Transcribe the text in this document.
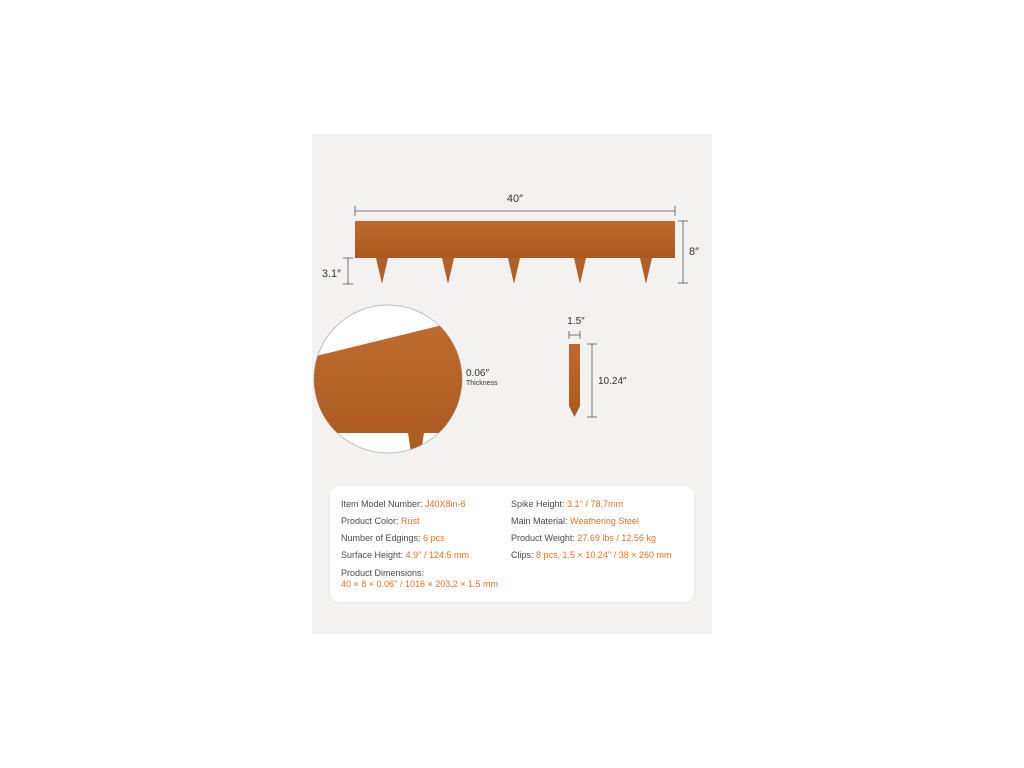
40″
8″
3.1″
0.06″
Thickness
1.5″
10.24″
Item Model Number: J40X8in-6
Product Color: Rust
Number of Edgings: 6 pcs
Surface Height: 4.9'' / 124.5 mm
Product Dimensions:
40 × 8 × 0.06'' / 1016 × 203.2 × 1.5 mm
Spike Height: 3.1'' / 78.7mm
Main Material: Weathering Steel
Product Weight: 27.69 lbs / 12.56 kg
Clips: 8 pcs, 1.5 × 10.24'' / 38 × 260 mm
